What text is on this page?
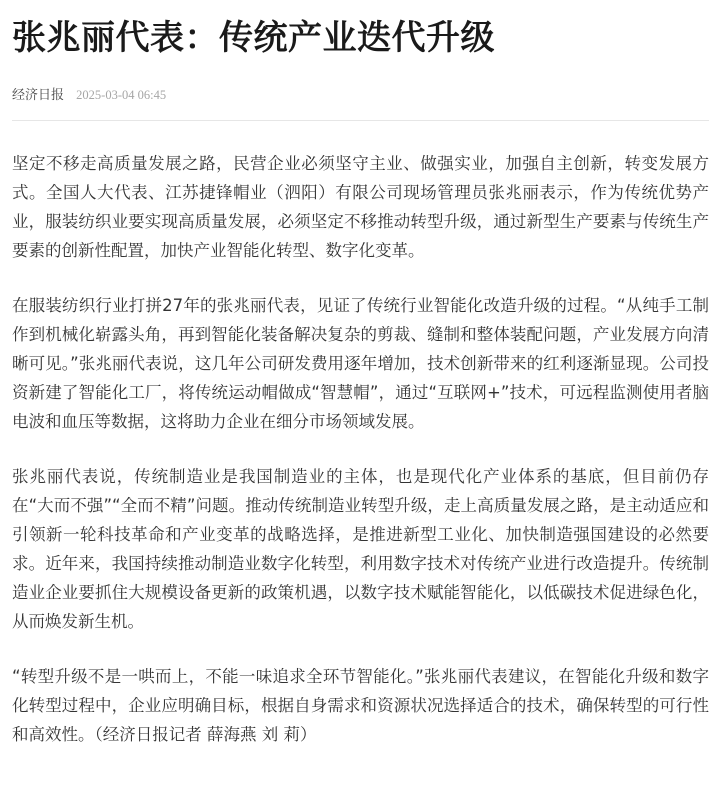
张兆丽代表：传统产业迭代升级
经济日报 2025-03-04 06:45

坚定不移走高质量发展之路，民营企业必须坚守主业、做强实业，加强自主创新，转变发展方式。全国人大代表、江苏捷锋帽业（泗阳）有限公司现场管理员张兆丽表示，作为传统优势产业，服装纺织业要实现高质量发展，必须坚定不移推动转型升级，通过新型生产要素与传统生产要素的创新性配置，加快产业智能化转型、数字化变革。

在服装纺织行业打拼27年的张兆丽代表，见证了传统行业智能化改造升级的过程。“从纯手工制作到机械化崭露头角，再到智能化装备解决复杂的剪裁、缝制和整体装配问题，产业发展方向清晰可见。”张兆丽代表说，这几年公司研发费用逐年增加，技术创新带来的红利逐渐显现。公司投资新建了智能化工厂，将传统运动帽做成“智慧帽”，通过“互联网+”技术，可远程监测使用者脑电波和血压等数据，这将助力企业在细分市场领域发展。

张兆丽代表说，传统制造业是我国制造业的主体，也是现代化产业体系的基底，但目前仍存在“大而不强”“全而不精”问题。推动传统制造业转型升级，走上高质量发展之路，是主动适应和引领新一轮科技革命和产业变革的战略选择，是推进新型工业化、加快制造强国建设的必然要求。近年来，我国持续推动制造业数字化转型，利用数字技术对传统产业进行改造提升。传统制造业企业要抓住大规模设备更新的政策机遇，以数字技术赋能智能化，以低碳技术促进绿色化，从而焕发新生机。

“转型升级不是一哄而上，不能一味追求全环节智能化。”张兆丽代表建议，在智能化升级和数字化转型过程中，企业应明确目标，根据自身需求和资源状况选择适合的技术，确保转型的可行性和高效性。（经济日报记者 薛海燕 刘 莉）
